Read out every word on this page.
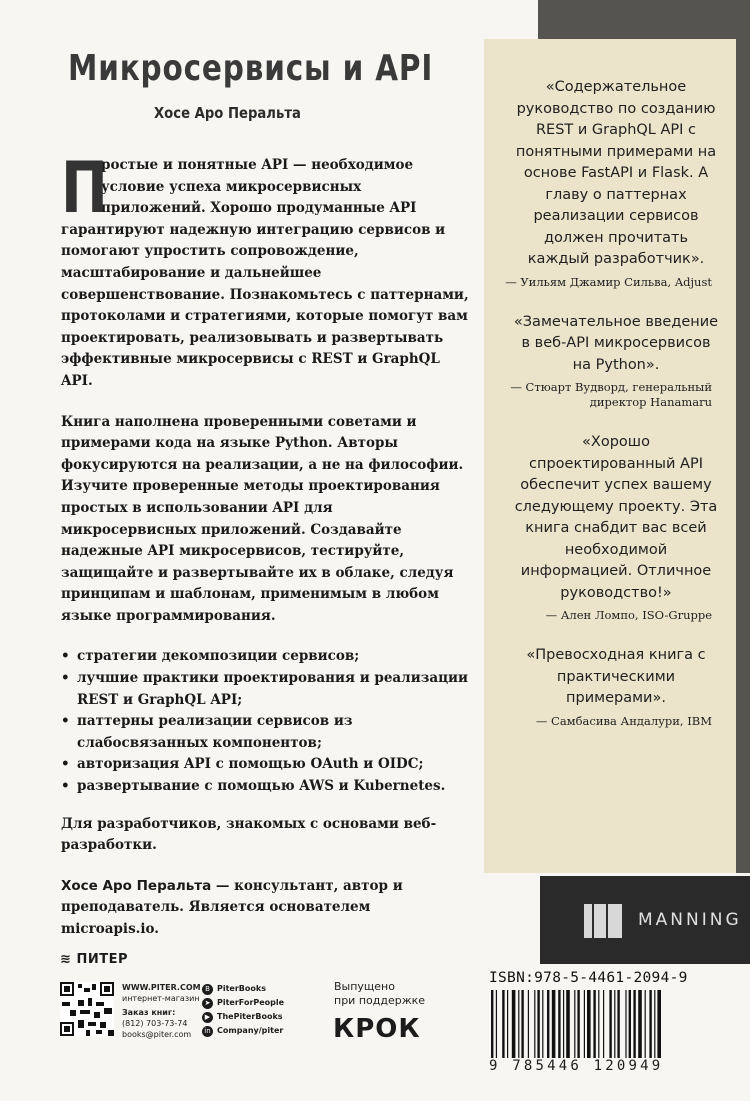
«Содержательное руководство по созданию REST и GraphQL API с понятными примерами на основе FastAPI и Flask. А главу о паттернах реализации сервисов должен прочитать каждый разработчик».
— Уильям Джамир Сильва, Adjust
«Замечательное введение в веб-API микросервисов на Python».
— Стюарт Вудворд, генеральный директор Hanamaru
«Хорошо спроектированный API обеспечит успех вашему следующему проекту. Эта книга снабдит вас всей необходимой информацией. Отличное руководство!»
— Ален Ломпо, ISO-Gruppe
«Превосходная книга с практическими примерами».
— Самбасива Андалури, IBM
MANNING
Микросервисы и API
Хосе Аро Перальта
П
ростые и понятные API — необходимое условие успеха микросервисных приложений. Хорошо продуманные API гарантируют надежную интеграцию сервисов и помогают упростить сопровождение, масштабирование и дальнейшее совершенствование. Познакомьтесь с паттернами, протоколами и стратегиями, которые помогут вам проектировать, реализовывать и развертывать эффективные микросервисы с REST и GraphQL API.
Книга наполнена проверенными советами и примерами кода на языке Python. Авторы фокусируются на реализации, а не на философии. Изучите проверенные методы проектирования простых в использовании API для микросервисных приложений. Создавайте надежные API микросервисов, тестируйте, защищайте и развертывайте их в облаке, следуя принципам и шаблонам, применимым в любом языке программирования.
• стратегии декомпозиции сервисов;
• лучшие практики проектирования и реализации REST и GraphQL API;
• паттерны реализации сервисов из слабосвязанных компонентов;
• авторизация API с помощью OAuth и OIDC;
• развертывание с помощью AWS и Kubernetes.
Для разработчиков, знакомых с основами веб-разработки.
Хосе Аро Перальта — консультант, автор и преподаватель. Является основателем microapis.io.
≋ ПИТЕР
WWW.PITER.COM
интернет-магазин
Заказ книг:
(812) 703-73-74
books@piter.com
В PiterBooks
➤ PiterForPeople
▶ ThePiterBooks
in Company/piter
Выпущено
при поддержке
КРОК
ISBN:978-5-4461-2094-9
9 785446 120949
